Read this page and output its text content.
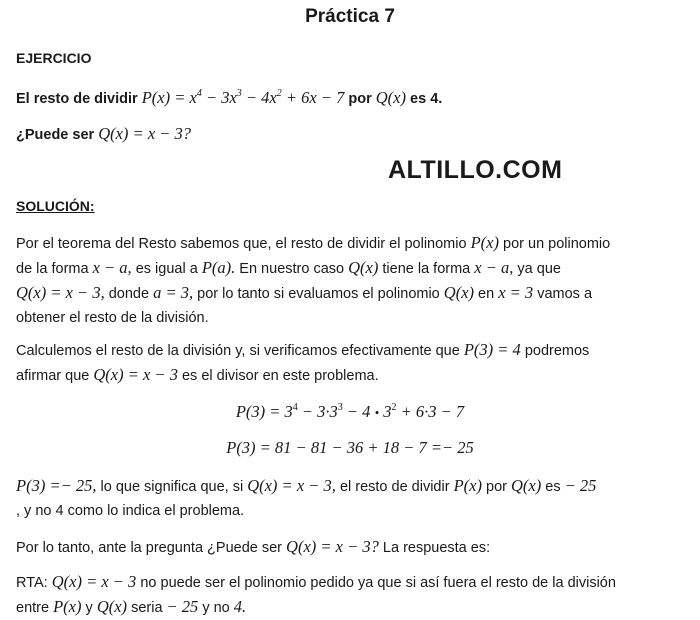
Práctica 7
EJERCICIO
El resto de dividir $P(x) = x^4 - 3x^3 - 4x^2 + 6x - 7$ por Q(x) es 4.
¿Puede ser Q(x) = x − 3?
ALTILLO.COM
SOLUCIÓN:
Por el teorema del Resto sabemos que, el resto de dividir el polinomio P(x) por un polinomio
de la forma x − a, es igual a P(a). En nuestro caso Q(x) tiene la forma x − a, ya que
Q(x) = x − 3, donde a = 3, por lo tanto si evaluamos el polinomio Q(x) en x = 3 vamos a
obtener el resto de la división.
Calculemos el resto de la división y, si verificamos efectivamente que P(3) = 4 podremos
afirmar que Q(x) = x − 3 es el divisor en este problema.
$P(3) = 3^4 - 3\cdot 3^3 - 4$ • $3^2 + 6\cdot 3 - 7$
P(3) = 81 − 81 − 36 + 18 − 7 =− 25
P(3) =− 25, lo que significa que, si Q(x) = x − 3, el resto de dividir P(x) por Q(x) es − 25
, y no 4 como lo indica el problema.
Por lo tanto, ante la pregunta ¿Puede ser Q(x) = x − 3? La respuesta es:
RTA: Q(x) = x − 3 no puede ser el polinomio pedido ya que si así fuera el resto de la división
entre P(x) y Q(x) seria − 25 y no 4.
